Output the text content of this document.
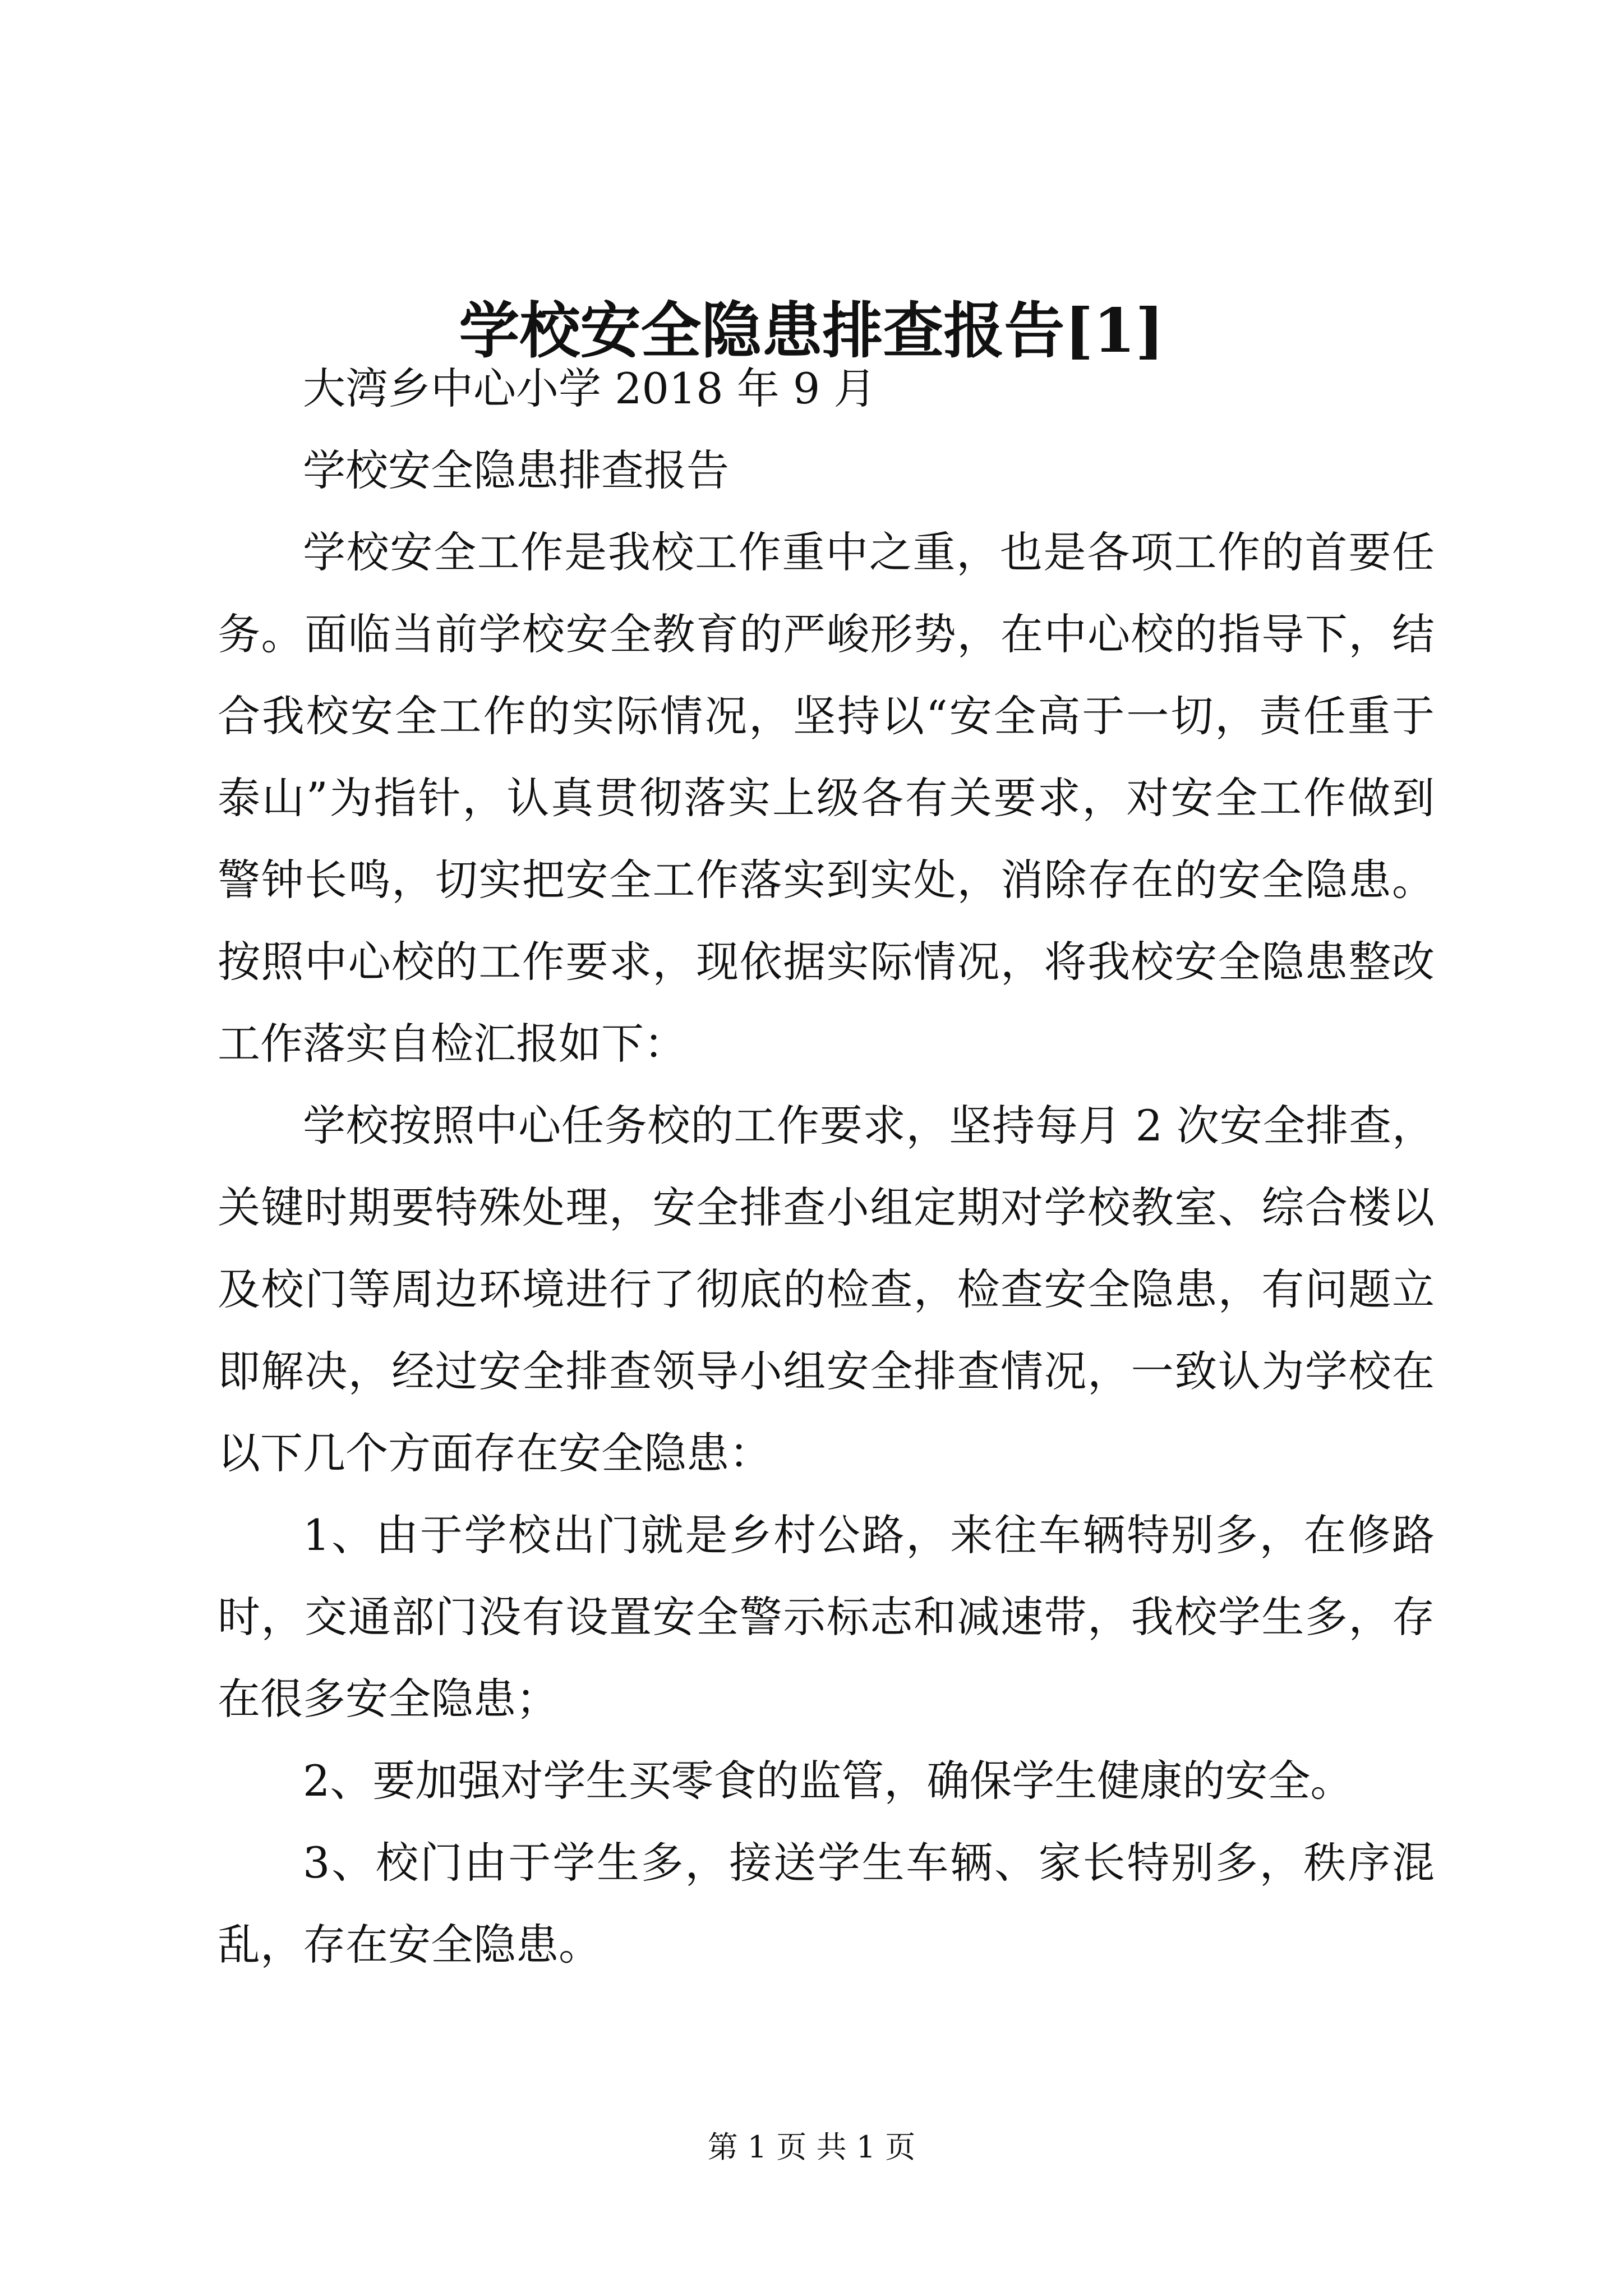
学校安全隐患排查报告[1]
大湾乡中心小学 2018 年 9 月
学校安全隐患排查报告
学校安全工作是我校工作重中之重，也是各项工作的首要任
务。面临当前学校安全教育的严峻形势，在中心校的指导下，结
合我校安全工作的实际情况，坚持以“安全高于一切，责任重于
泰山”为指针，认真贯彻落实上级各有关要求，对安全工作做到
警钟长鸣，切实把安全工作落实到实处，消除存在的安全隐患。
按照中心校的工作要求，现依据实际情况，将我校安全隐患整改
工作落实自检汇报如下：
学校按照中心任务校的工作要求，坚持每月 2 次安全排查，
关键时期要特殊处理，安全排查小组定期对学校教室、综合楼以
及校门等周边环境进行了彻底的检查，检查安全隐患，有问题立
即解决，经过安全排查领导小组安全排查情况，一致认为学校在
以下几个方面存在安全隐患：
1、由于学校出门就是乡村公路，来往车辆特别多，在修路
时，交通部门没有设置安全警示标志和减速带，我校学生多，存
在很多安全隐患；
2、要加强对学生买零食的监管，确保学生健康的安全。
3、校门由于学生多，接送学生车辆、家长特别多，秩序混
乱，存在安全隐患。
第 1 页 共 1 页
